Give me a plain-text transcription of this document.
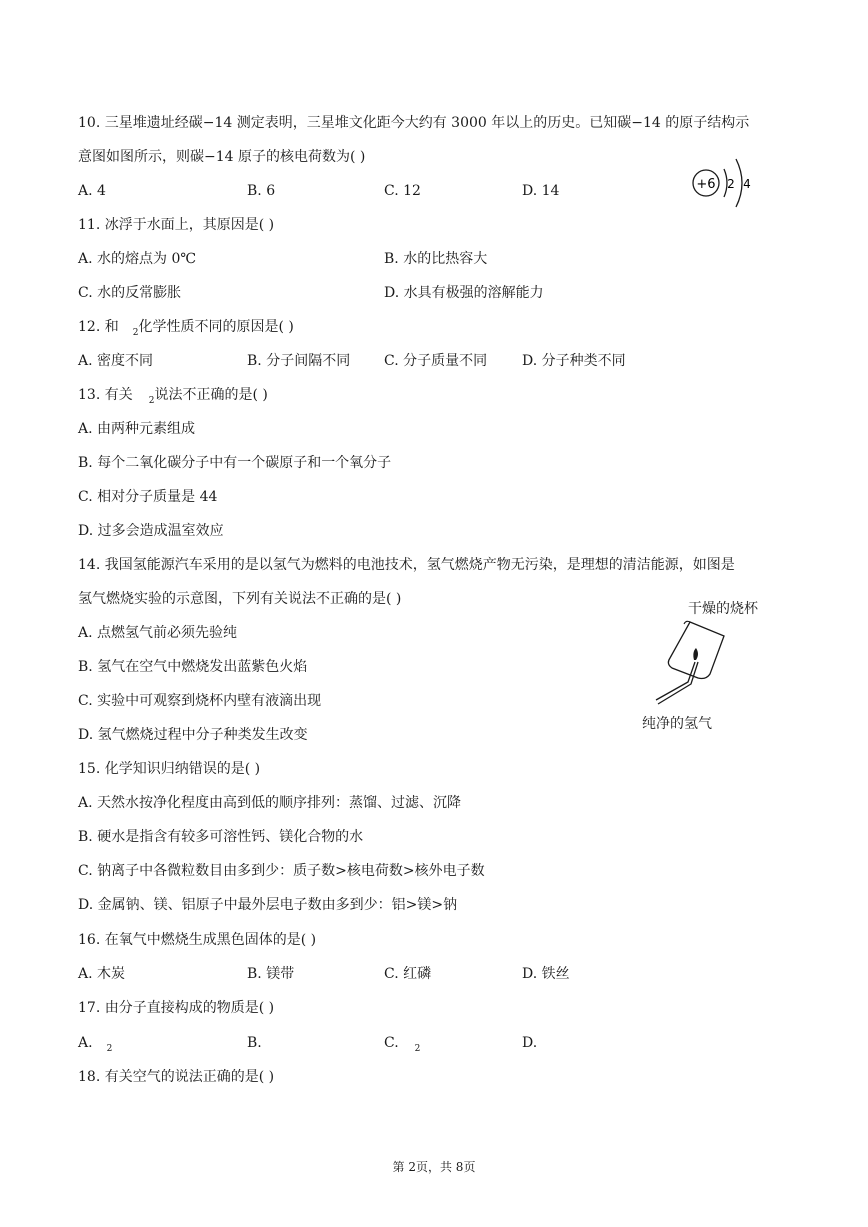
10. 三星堆遗址经碳−14 测定表明，三星堆文化距今大约有 3000 年以上的历史。已知碳−14 的原子结构示
意图如图所示，则碳−14 原子的核电荷数为( )
A. 4	B. 6	C. 12	D. 14	+6 2 4
11. 冰浮于水面上，其原因是( )
A. 水的熔点为 0℃	B. 水的比热容大
C. 水的反常膨胀	D. 水具有极强的溶解能力
12. 和 $_2$化学性质不同的原因是( )
A. 密度不同	B. 分子间隔不同 C. 分子质量不同 D. 分子种类不同
13. 有关 $_2$说法不正确的是( )
A. 由两种元素组成
B. 每个二氧化碳分子中有一个碳原子和一个氧分子
C. 相对分子质量是 44
D. 过多会造成温室效应
14. 我国氢能源汽车采用的是以氢气为燃料的电池技术，氢气燃烧产物无污染，是理想的清洁能源，如图是
氢气燃烧实验的示意图，下列有关说法不正确的是( )
A. 点燃氢气前必须先验纯
B. 氢气在空气中燃烧发出蓝紫色火焰
C. 实验中可观察到烧杯内壁有液滴出现
D. 氢气燃烧过程中分子种类发生改变
干燥的烧杯
纯净的氢气
15. 化学知识归纳错误的是( )
A. 天然水按净化程度由高到低的顺序排列：蒸馏、过滤、沉降
B. 硬水是指含有较多可溶性钙、镁化合物的水
C. 钠离子中各微粒数目由多到少：质子数>核电荷数>核外电子数
D. 金属钠、镁、铝原子中最外层电子数由多到少：铝>镁>钠
16. 在氧气中燃烧生成黑色固体的是( )
A. 木炭	B. 镁带	C. 红磷	D. 铁丝
17. 由分子直接构成的物质是( )
A. $_2$	B.	C. $_2$	D.
18. 有关空气的说法正确的是( )
第 2页，共 8页
